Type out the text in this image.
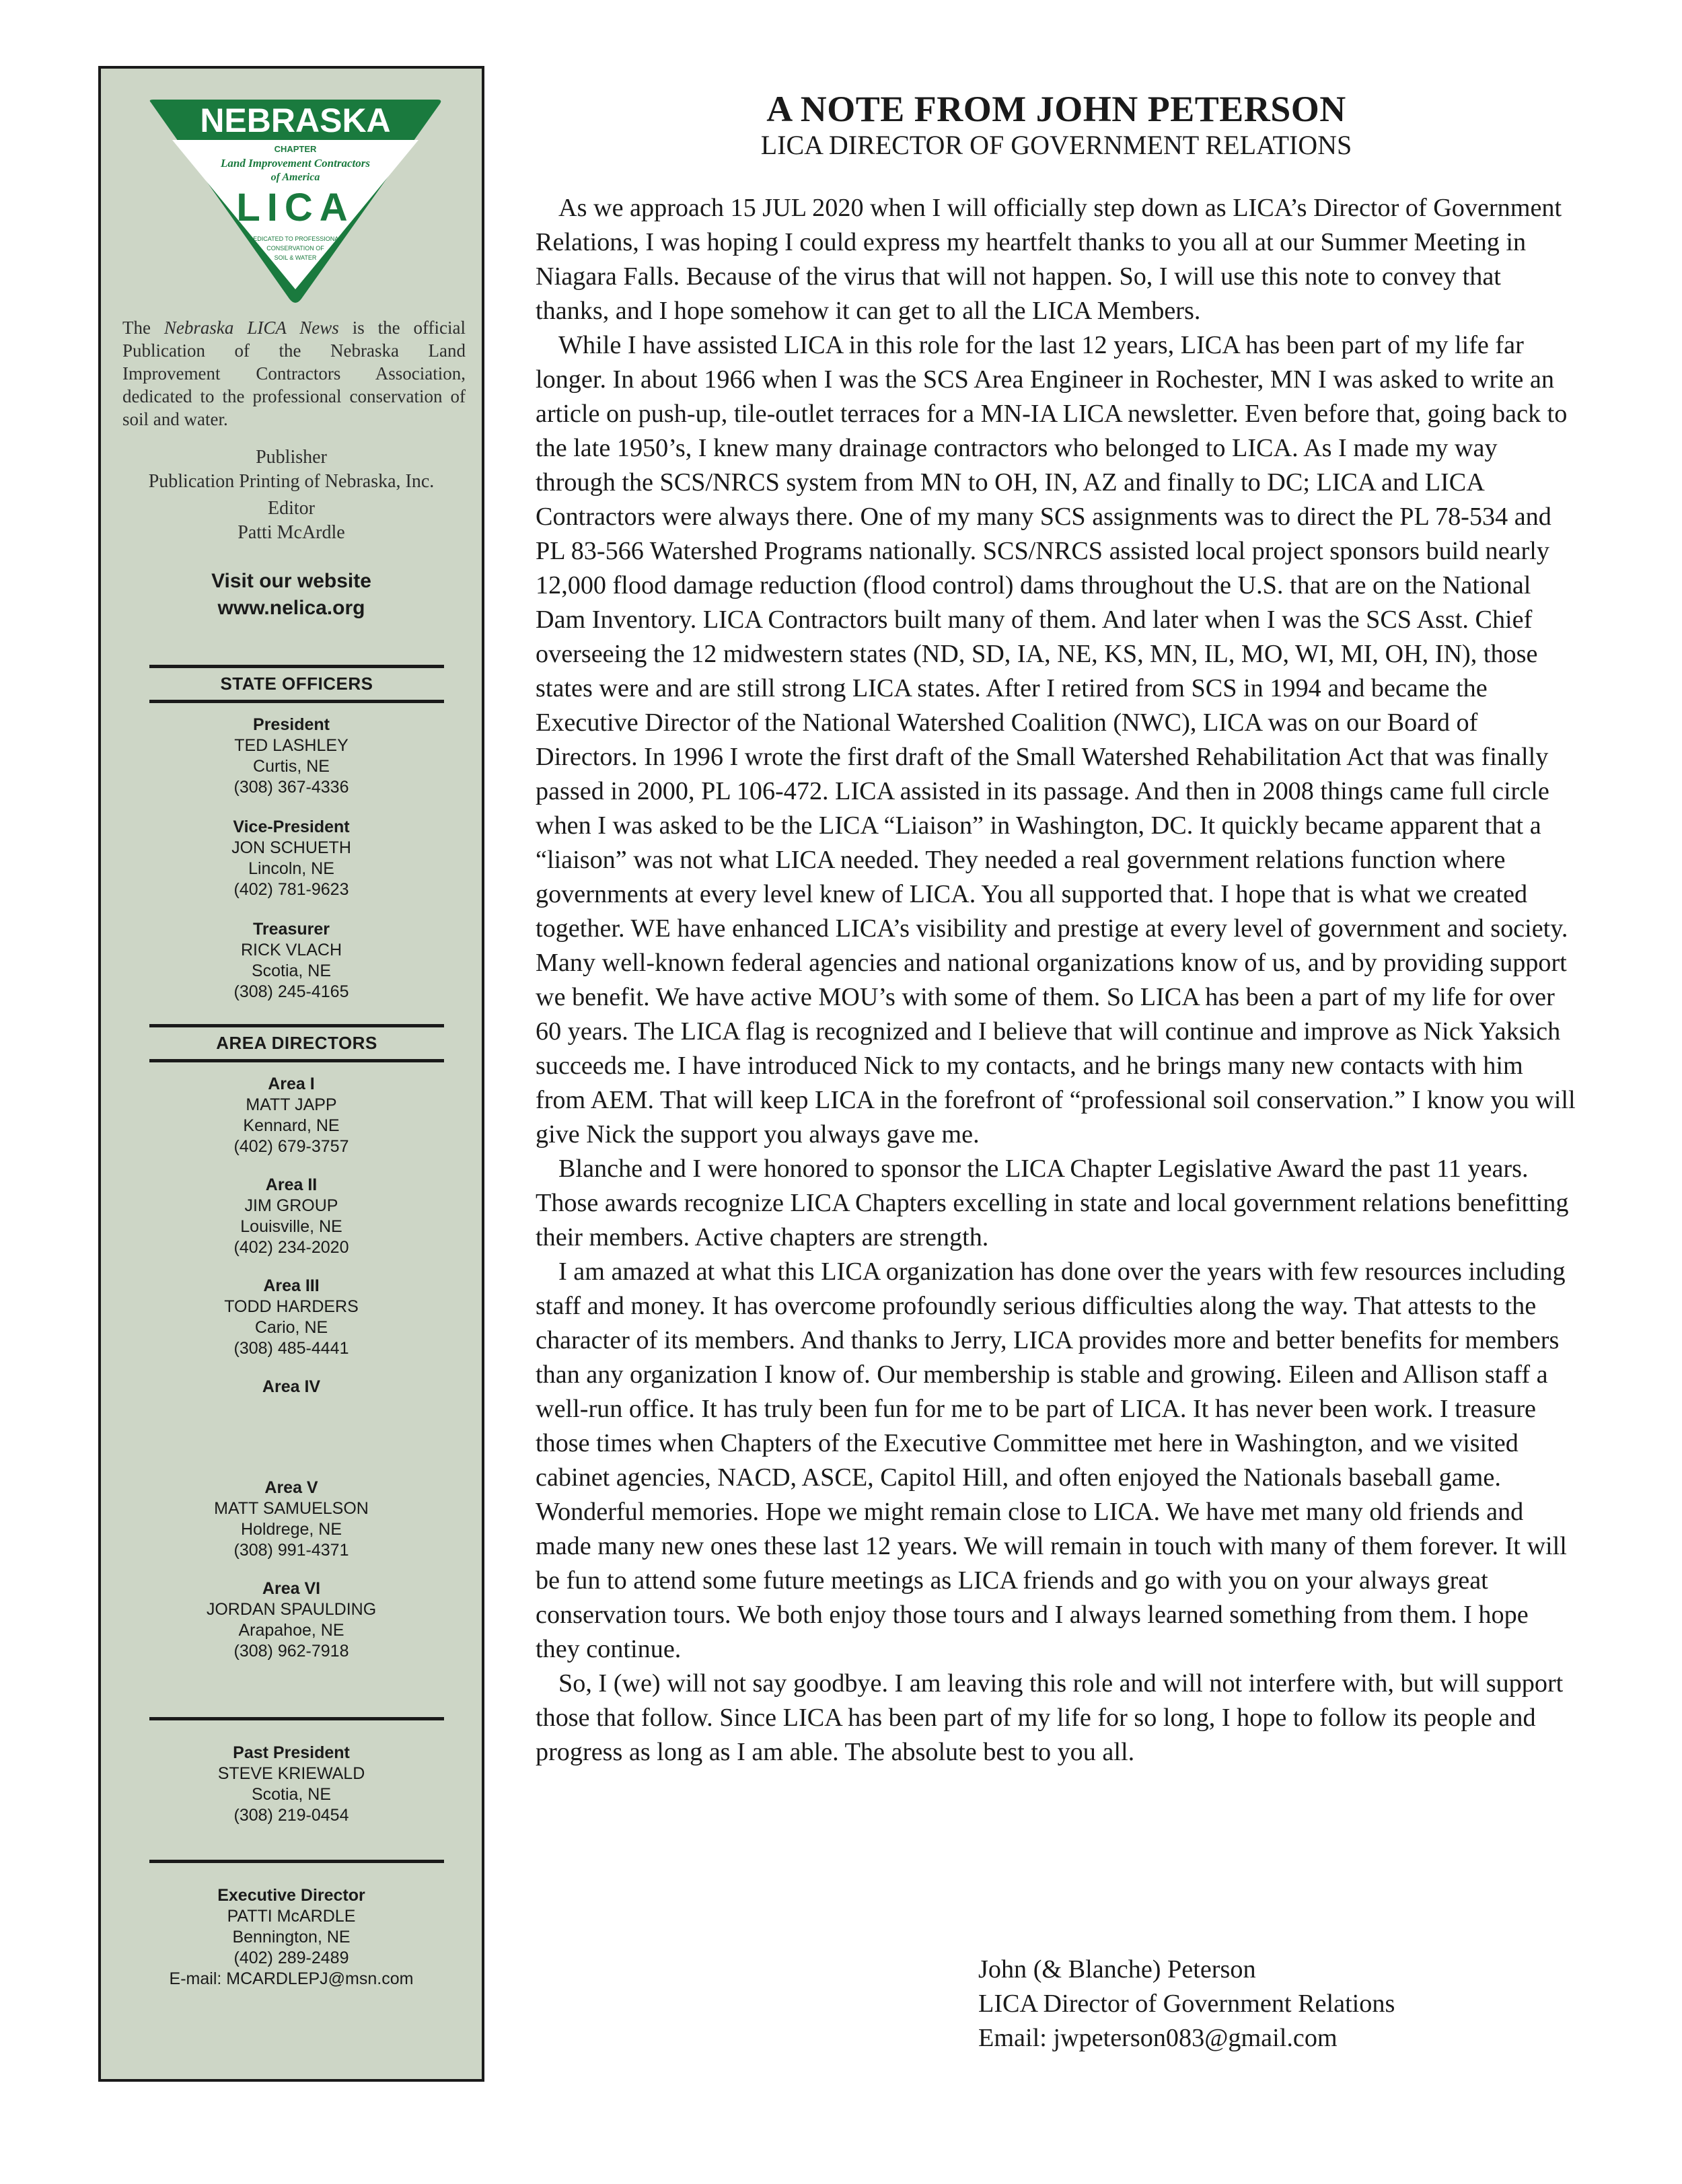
NEBRASKA
CHAPTER
Land Improvement Contractors
of America
LICA
DEDICATED TO PROFESSIONAL
CONSERVATION OF
SOIL & WATER
The Nebraska LICA News is the official Publication of the Nebraska Land Improvement Contractors Association, dedicated to the professional conservation of soil and water.
Publisher
Publication Printing of Nebraska, Inc.
Editor
Patti McArdle
Visit our website
www.nelica.org
STATE OFFICERS
President
TED LASHLEY
Curtis, NE
(308) 367-4336
Vice-President
JON SCHUETH
Lincoln, NE
(402) 781-9623
Treasurer
RICK VLACH
Scotia, NE
(308) 245-4165
AREA DIRECTORS
Area I
MATT JAPP
Kennard, NE
(402) 679-3757
Area II
JIM GROUP
Louisville, NE
(402) 234-2020
Area III
TODD HARDERS
Cario, NE
(308) 485-4441
Area IV
Area V
MATT SAMUELSON
Holdrege, NE
(308) 991-4371
Area VI
JORDAN SPAULDING
Arapahoe, NE
(308) 962-7918
Past President
STEVE KRIEWALD
Scotia, NE
(308) 219-0454
Executive Director
PATTI McARDLE
Bennington, NE
(402) 289-2489
E-mail: MCARDLEPJ@msn.com
A NOTE FROM JOHN PETERSON
LICA DIRECTOR OF GOVERNMENT RELATIONS

As we approach 15 JUL 2020 when I will officially step down as LICA’s Director of Government Relations, I was hoping I could express my heartfelt thanks to you all at our Summer Meeting in Niagara Falls. Because of the virus that will not happen. So, I will use this note to convey that thanks, and I hope somehow it can get to all the LICA Members.

While I have assisted LICA in this role for the last 12 years, LICA has been part of my life far longer. In about 1966 when I was the SCS Area Engineer in Rochester, MN I was asked to write an article on push-up, tile-outlet terraces for a MN-IA LICA newsletter. Even before that, going back to the late 1950’s, I knew many drainage contractors who belonged to LICA. As I made my way through the SCS/NRCS system from MN to OH, IN, AZ and finally to DC; LICA and LICA Contractors were always there. One of my many SCS assignments was to direct the PL 78-534 and PL 83-566 Watershed Programs nationally. SCS/NRCS assisted local project sponsors build nearly 12,000 flood damage reduction (flood control) dams throughout the U.S. that are on the National Dam Inventory. LICA Contractors built many of them. And later when I was the SCS Asst. Chief overseeing the 12 midwestern states (ND, SD, IA, NE, KS, MN, IL, MO, WI, MI, OH, IN), those states were and are still strong LICA states. After I retired from SCS in 1994 and became the Executive Director of the National Watershed Coalition (NWC), LICA was on our Board of Directors. In 1996 I wrote the first draft of the Small Watershed Rehabilitation Act that was finally passed in 2000, PL 106-472. LICA assisted in its passage. And then in 2008 things came full circle when I was asked to be the LICA “Liaison” in Washington, DC. It quickly became apparent that a “liaison” was not what LICA needed. They needed a real government relations function where governments at every level knew of LICA. You all supported that. I hope that is what we created together. WE have enhanced LICA’s visibility and prestige at every level of government and society. Many well-known federal agencies and national organizations know of us, and by providing support we benefit. We have active MOU’s with some of them. So LICA has been a part of my life for over 60 years. The LICA flag is recognized and I believe that will continue and improve as Nick Yaksich succeeds me. I have introduced Nick to my contacts, and he brings many new contacts with him from AEM. That will keep LICA in the forefront of “professional soil conservation.” I know you will give Nick the support you always gave me.

Blanche and I were honored to sponsor the LICA Chapter Legislative Award the past 11 years. Those awards recognize LICA Chapters excelling in state and local government relations benefitting their members. Active chapters are strength.

I am amazed at what this LICA organization has done over the years with few resources including staff and money. It has overcome profoundly serious difficulties along the way. That attests to the character of its members. And thanks to Jerry, LICA provides more and better benefits for members than any organization I know of. Our membership is stable and growing. Eileen and Allison staff a well-run office. It has truly been fun for me to be part of LICA. It has never been work. I treasure those times when Chapters of the Executive Committee met here in Washington, and we visited cabinet agencies, NACD, ASCE, Capitol Hill, and often enjoyed the Nationals baseball game. Wonderful memories. Hope we might remain close to LICA. We have met many old friends and made many new ones these last 12 years. We will remain in touch with many of them forever. It will be fun to attend some future meetings as LICA friends and go with you on your always great conservation tours. We both enjoy those tours and I always learned something from them. I hope they continue.

So, I (we) will not say goodbye. I am leaving this role and will not interfere with, but will support those that follow. Since LICA has been part of my life for so long, I hope to follow its people and progress as long as I am able. The absolute best to you all.

John (& Blanche) Peterson
LICA Director of Government Relations
Email: jwpeterson083@gmail.com
